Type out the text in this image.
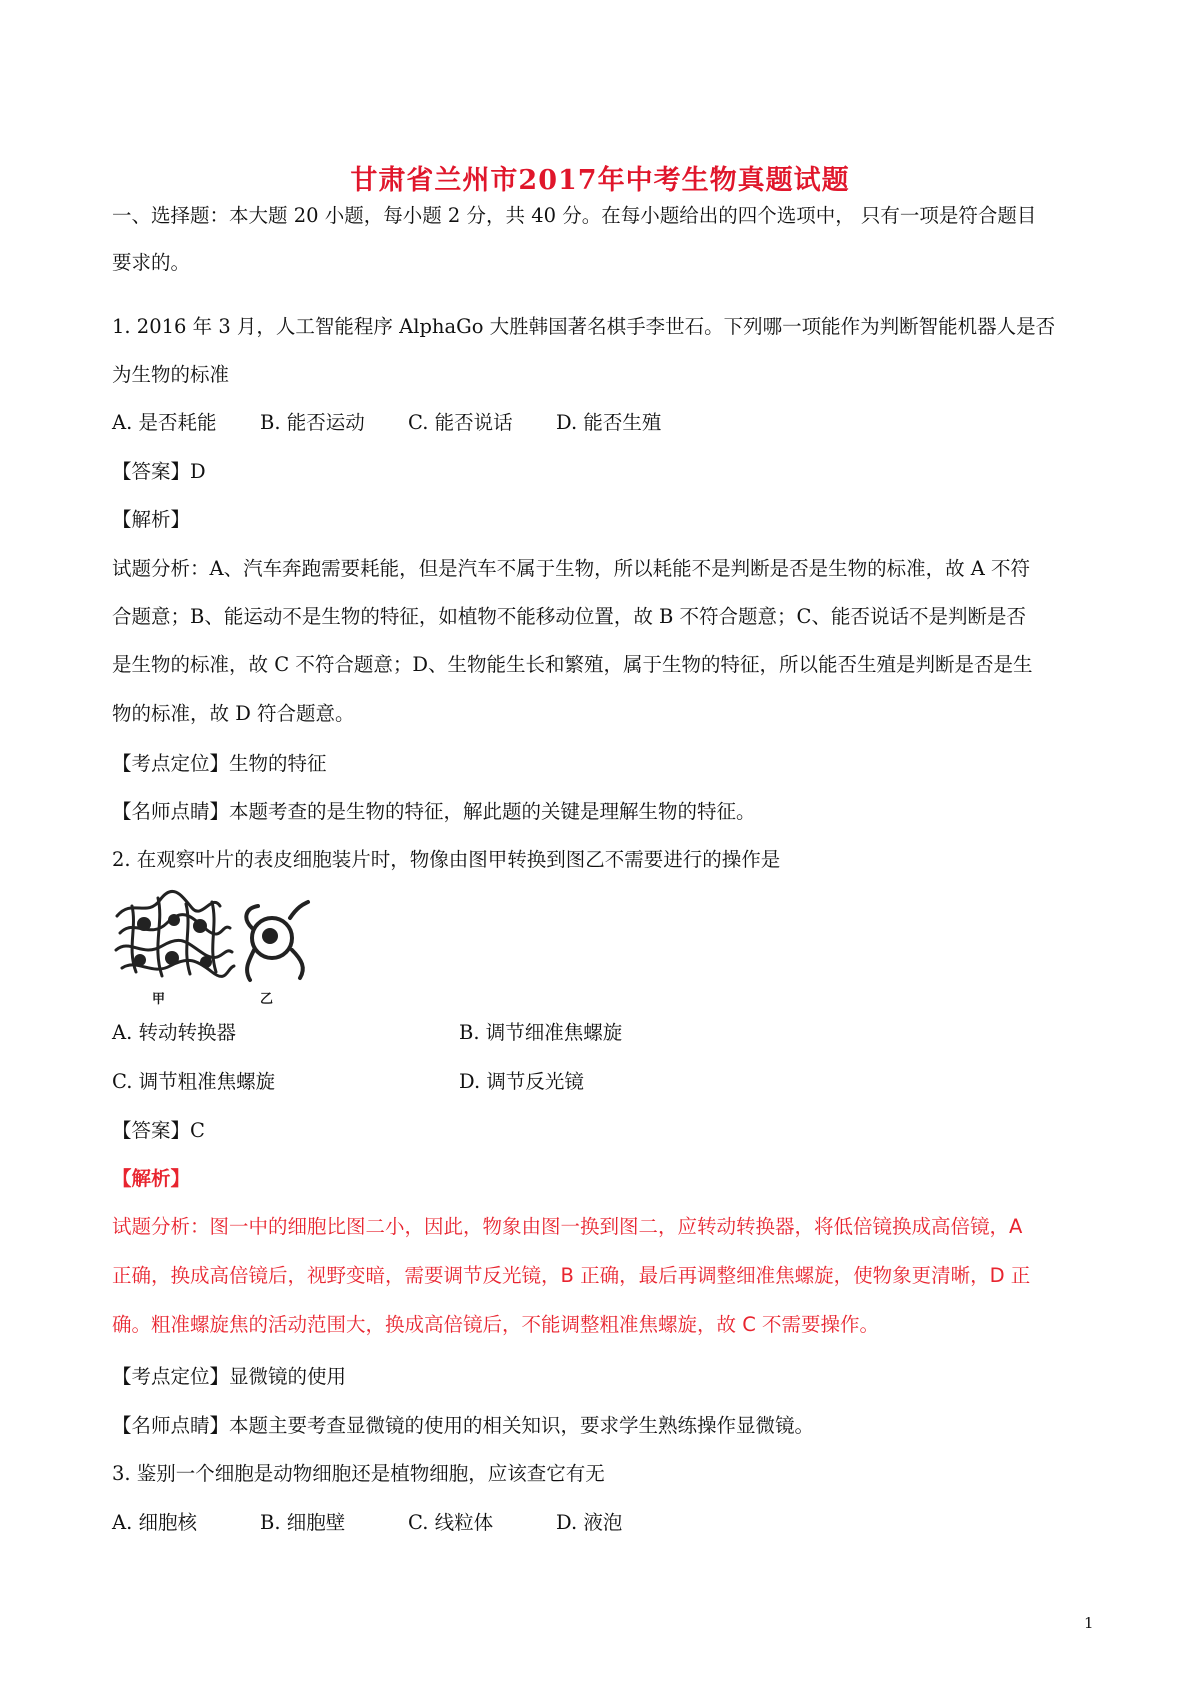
甘肃省兰州市2017年中考生物真题试题
一、选择题：本大题 20 小题，每小题 2 分，共 40 分。在每小题给出的四个选项中， 只有一项是符合题目
要求的。
1. 2016 年 3 月，人工智能程序 AlphaGo 大胜韩国著名棋手李世石。下列哪一项能作为判断智能机器人是否
为生物的标准
A. 是否耗能 B. 能否运动 C. 能否说话 D. 能否生殖
【答案】D
【解析】
试题分析：A、汽车奔跑需要耗能，但是汽车不属于生物，所以耗能不是判断是否是生物的标准，故 A 不符
合题意；B、能运动不是生物的特征，如植物不能移动位置，故 B 不符合题意；C、能否说话不是判断是否
是生物的标准，故 C 不符合题意；D、生物能生长和繁殖，属于生物的特征，所以能否生殖是判断是否是生
物的标准，故 D 符合题意。
【考点定位】生物的特征
【名师点睛】本题考查的是生物的特征，解此题的关键是理解生物的特征。
2. 在观察叶片的表皮细胞装片时，物像由图甲转换到图乙不需要进行的操作是
甲	乙
A. 转动转换器	B. 调节细准焦螺旋
C. 调节粗准焦螺旋	D. 调节反光镜
【答案】C
【解析】
试题分析：图一中的细胞比图二小，因此，物象由图一换到图二，应转动转换器，将低倍镜换成高倍镜，A
正确，换成高倍镜后，视野变暗，需要调节反光镜，B 正确，最后再调整细准焦螺旋，使物象更清晰，D 正
确。粗准螺旋焦的活动范围大，换成高倍镜后，不能调整粗准焦螺旋，故 C 不需要操作。
【考点定位】显微镜的使用
【名师点睛】本题主要考查显微镜的使用的相关知识，要求学生熟练操作显微镜。
3. 鉴别一个细胞是动物细胞还是植物细胞，应该查它有无
A. 细胞核	B. 细胞壁	C. 线粒体	D. 液泡
1
